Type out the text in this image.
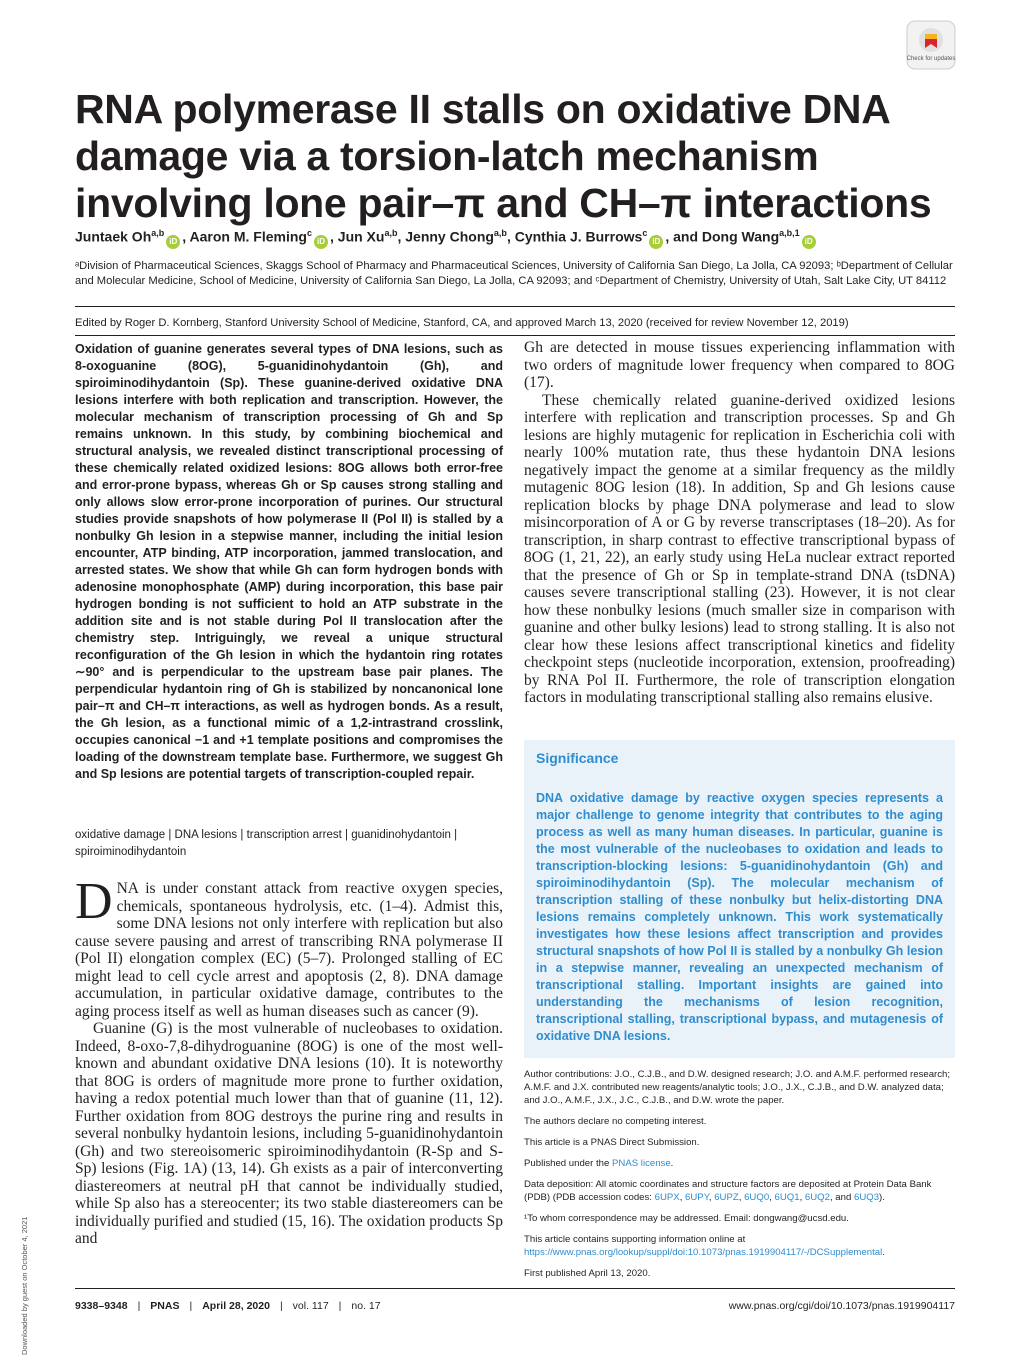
RNA polymerase II stalls on oxidative DNA damage via a torsion-latch mechanism involving lone pair–π and CH–π interactions
Check for updates
Juntaek Oh$^{a,b}$iD , Aaron M. Fleming$^c$iD , Jun Xu$^{a,b}$, Jenny Chong$^{a,b}$, Cynthia J. Burrows$^c$iD , and Dong Wang$^{a,b,1}$iD
ᵃDivision of Pharmaceutical Sciences, Skaggs School of Pharmacy and Pharmaceutical Sciences, University of California San Diego, La Jolla, CA 92093; ᵇDepartment of Cellular and Molecular Medicine, School of Medicine, University of California San Diego, La Jolla, CA 92093; and ᶜDepartment of Chemistry, University of Utah, Salt Lake City, UT 84112
Edited by Roger D. Kornberg, Stanford University School of Medicine, Stanford, CA, and approved March 13, 2020 (received for review November 12, 2019)
Oxidation of guanine generates several types of DNA lesions, such as 8-oxoguanine (8OG), 5-guanidinohydantoin (Gh), and spiroiminodihydantoin (Sp). These guanine-derived oxidative DNA lesions interfere with both replication and transcription. However, the molecular mechanism of transcription processing of Gh and Sp remains unknown. In this study, by combining biochemical and structural analysis, we revealed distinct transcriptional processing of these chemically related oxidized lesions: 8OG allows both error-free and error-prone bypass, whereas Gh or Sp causes strong stalling and only allows slow error-prone incorporation of purines. Our structural studies provide snapshots of how polymerase II (Pol II) is stalled by a nonbulky Gh lesion in a stepwise manner, including the initial lesion encounter, ATP binding, ATP incorporation, jammed translocation, and arrested states. We show that while Gh can form hydrogen bonds with adenosine monophosphate (AMP) during incorporation, this base pair hydrogen bonding is not sufficient to hold an ATP substrate in the addition site and is not stable during Pol II translocation after the chemistry step. Intriguingly, we reveal a unique structural reconfiguration of the Gh lesion in which the hydantoin ring rotates ∼90° and is perpendicular to the upstream base pair planes. The perpendicular hydantoin ring of Gh is stabilized by noncanonical lone pair–π and CH–π interactions, as well as hydrogen bonds. As a result, the Gh lesion, as a functional mimic of a 1,2-intrastrand crosslink, occupies canonical −1 and +1 template positions and compromises the loading of the downstream template base. Furthermore, we suggest Gh and Sp lesions are potential targets of transcription-coupled repair.
oxidative damage | DNA lesions | transcription arrest | guanidinohydantoin | spiroiminodihydantoin

DNA is under constant attack from reactive oxygen species, chemicals, spontaneous hydrolysis, etc. (1–4). Admist this, some DNA lesions not only interfere with replication but also cause severe pausing and arrest of transcribing RNA polymerase II (Pol II) elongation complex (EC) (5–7). Prolonged stalling of EC might lead to cell cycle arrest and apoptosis (2, 8). DNA damage accumulation, in particular oxidative damage, contributes to the aging process itself as well as human diseases such as cancer (9).

Guanine (G) is the most vulnerable of nucleobases to oxidation. Indeed, 8-oxo-7,8-dihydroguanine (8OG) is one of the most well-known and abundant oxidative DNA lesions (10). It is noteworthy that 8OG is orders of magnitude more prone to further oxidation, having a redox potential much lower than that of guanine (11, 12). Further oxidation from 8OG destroys the purine ring and results in several nonbulky hydantoin lesions, including 5-guanidinohydantoin (Gh) and two stereoisomeric spiroiminodihydantoin (R-Sp and S-Sp) lesions (Fig. 1A) (13, 14). Gh exists as a pair of interconverting diastereomers at neutral pH that cannot be individually studied, while Sp also has a stereocenter; its two stable diastereomers can be individually purified and studied (15, 16). The oxidation products Sp and

Gh are detected in mouse tissues experiencing inflammation with two orders of magnitude lower frequency when compared to 8OG (17).

These chemically related guanine-derived oxidized lesions interfere with replication and transcription processes. Sp and Gh lesions are highly mutagenic for replication in Escherichia coli with nearly 100% mutation rate, thus these hydantoin DNA lesions negatively impact the genome at a similar frequency as the mildly mutagenic 8OG lesion (18). In addition, Sp and Gh lesions cause replication blocks by phage DNA polymerase and lead to slow misincorporation of A or G by reverse transcriptases (18–20). As for transcription, in sharp contrast to effective transcriptional bypass of 8OG (1, 21, 22), an early study using HeLa nuclear extract reported that the presence of Gh or Sp in template-strand DNA (tsDNA) causes severe transcriptional stalling (23). However, it is not clear how these nonbulky lesions (much smaller size in comparison with guanine and other bulky lesions) lead to strong stalling. It is also not clear how these lesions affect transcriptional kinetics and fidelity checkpoint steps (nucleotide incorporation, extension, proofreading) by RNA Pol II. Furthermore, the role of transcription elongation factors in modulating transcriptional stalling also remains elusive.

Significance
DNA oxidative damage by reactive oxygen species represents a major challenge to genome integrity that contributes to the aging process as well as many human diseases. In particular, guanine is the most vulnerable of the nucleobases to oxidation and leads to transcription-blocking lesions: 5-guanidinohydantoin (Gh) and spiroiminodihydantoin (Sp). The molecular mechanism of transcription stalling of these nonbulky but helix-distorting DNA lesions remains completely unknown. This work systematically investigates how these lesions affect transcription and provides structural snapshots of how Pol II is stalled by a nonbulky Gh lesion in a stepwise manner, revealing an unexpected mechanism of transcriptional stalling. Important insights are gained into understanding the mechanisms of lesion recognition, transcriptional stalling, transcriptional bypass, and mutagenesis of oxidative DNA lesions.

Author contributions: J.O., C.J.B., and D.W. designed research; J.O. and A.M.F. performed research; A.M.F. and J.X. contributed new reagents/analytic tools; J.O., J.X., C.J.B., and D.W. analyzed data; and J.O., A.M.F., J.X., J.C., C.J.B., and D.W. wrote the paper.

The authors declare no competing interest.

This article is a PNAS Direct Submission.

Published under the PNAS license.

Data deposition: All atomic coordinates and structure factors are deposited at Protein Data Bank (PDB) (PDB accession codes: 6UPX, 6UPY, 6UPZ, 6UQ0, 6UQ1, 6UQ2, and 6UQ3).

¹To whom correspondence may be addressed. Email: dongwang@ucsd.edu.

This article contains supporting information online at https://www.pnas.org/lookup/suppl/doi:10.1073/pnas.1919904117/-/DCSupplemental.

First published April 13, 2020.

9338–9348 | PNAS | April 28, 2020 | vol. 117 | no. 17	www.pnas.org/cgi/doi/10.1073/pnas.1919904117
Downloaded by guest on October 4, 2021
